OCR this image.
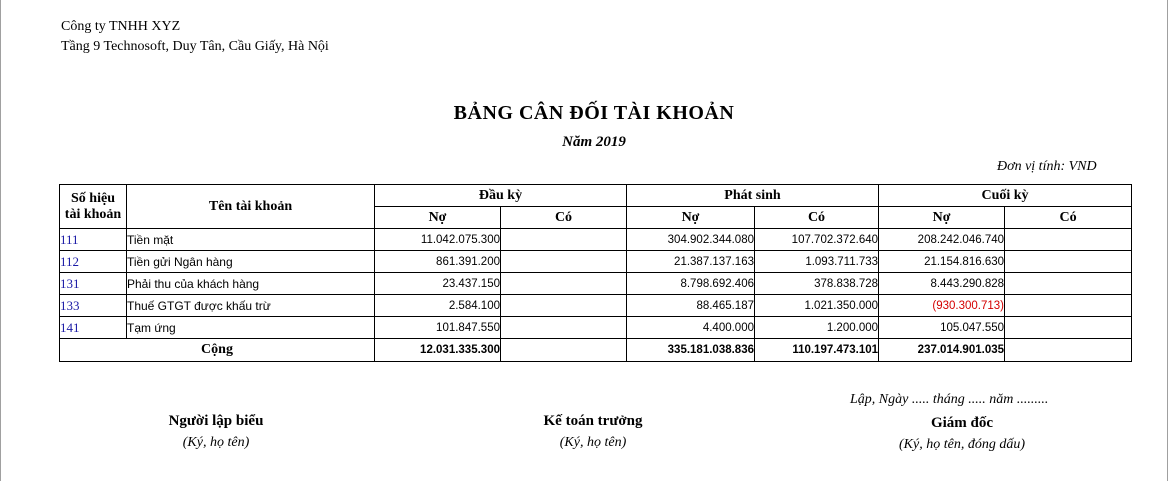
Công ty TNHH XYZ
Tầng 9 Technosoft, Duy Tân, Cầu Giấy, Hà Nội
BẢNG CÂN ĐỐI TÀI KHOẢN
Năm 2019
Đơn vị tính: VND
Số hiệu
tài khoản	Tên tài khoản	Đầu kỳ		Phát sinh		Cuối kỳ	
		Nợ	Có	Nợ	Có	Nợ	Có
111	Tiền mặt	11.042.075.300		304.902.344.080	107.702.372.640	208.242.046.740	
112	Tiền gửi Ngân hàng	861.391.200		21.387.137.163	1.093.711.733	21.154.816.630	
131	Phải thu của khách hàng	23.437.150		8.798.692.406	378.838.728	8.443.290.828	
133	Thuế GTGT được khấu trừ	2.584.100		88.465.187	1.021.350.000	(930.300.713)	
141	Tạm ứng	101.847.550		4.400.000	1.200.000	105.047.550	
Cộng		12.031.335.300		335.181.038.836	110.197.473.101	237.014.901.035	
Lập, Ngày ..... tháng ..... năm .........
Người lập biểu
(Ký, họ tên)
Kế toán trưởng
(Ký, họ tên)
Giám đốc
(Ký, họ tên, đóng dấu)
